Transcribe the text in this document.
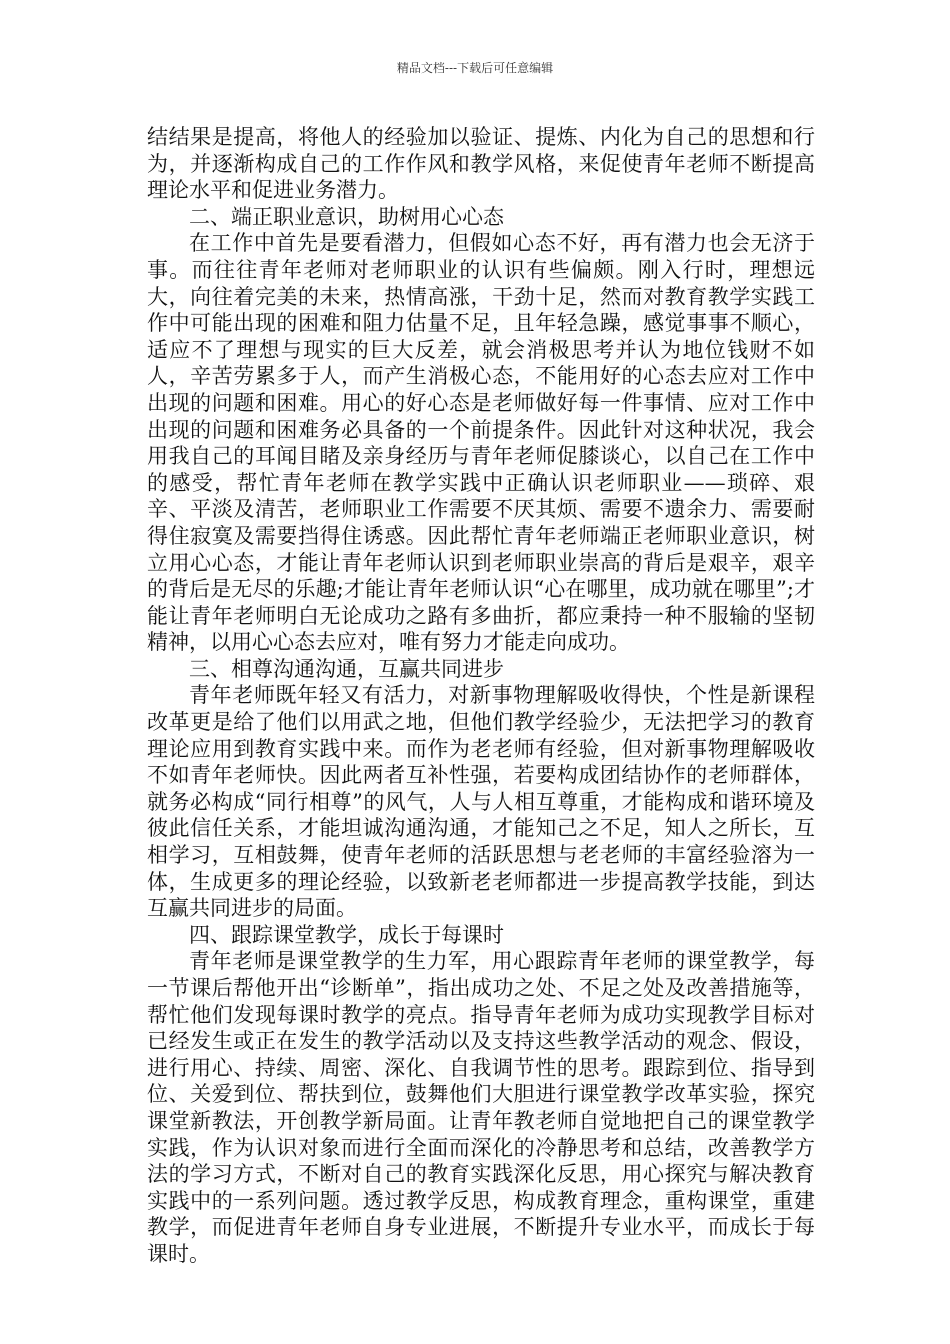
精品文档---下载后可任意编辑

结结果是提高，将他人的经验加以验证、提炼、内化为自己的思想和行为，并逐渐构成自己的工作作风和教学风格，来促使青年老师不断提高理论水平和促进业务潜力。

二、端正职业意识，助树用心心态

在工作中首先是要看潜力，但假如心态不好，再有潜力也会无济于事。而往往青年老师对老师职业的认识有些偏颇。刚入行时，理想远大，向往着完美的未来，热情高涨，干劲十足，然而对教育教学实践工作中可能出现的困难和阻力估量不足，且年轻急躁，感觉事事不顺心，适应不了理想与现实的巨大反差，就会消极思考并认为地位钱财不如人，辛苦劳累多于人，而产生消极心态，不能用好的心态去应对工作中出现的问题和困难。用心的好心态是老师做好每一件事情、应对工作中出现的问题和困难务必具备的一个前提条件。因此针对这种状况，我会用我自己的耳闻目睹及亲身经历与青年老师促膝谈心，以自己在工作中的感受，帮忙青年老师在教学实践中正确认识老师职业——琐碎、艰辛、平淡及清苦，老师职业工作需要不厌其烦、需要不遗余力、需要耐得住寂寞及需要挡得住诱惑。因此帮忙青年老师端正老师职业意识，树立用心心态，才能让青年老师认识到老师职业崇高的背后是艰辛，艰辛的背后是无尽的乐趣;才能让青年老师认识“心在哪里，成功就在哪里”;才能让青年老师明白无论成功之路有多曲折，都应秉持一种不服输的坚韧精神，以用心心态去应对，唯有努力才能走向成功。

三、相尊沟通沟通，互赢共同进步

青年老师既年轻又有活力，对新事物理解吸收得快，个性是新课程改革更是给了他们以用武之地，但他们教学经验少，无法把学习的教育理论应用到教育实践中来。而作为老老师有经验，但对新事物理解吸收不如青年老师快。因此两者互补性强，若要构成团结协作的老师群体，就务必构成“同行相尊”的风气，人与人相互尊重，才能构成和谐环境及彼此信任关系，才能坦诚沟通沟通，才能知己之不足，知人之所长，互相学习，互相鼓舞，使青年老师的活跃思想与老老师的丰富经验溶为一体，生成更多的理论经验，以致新老老师都进一步提高教学技能，到达互赢共同进步的局面。

四、跟踪课堂教学，成长于每课时

青年老师是课堂教学的生力军，用心跟踪青年老师的课堂教学，每一节课后帮他开出“诊断单”，指出成功之处、不足之处及改善措施等，帮忙他们发现每课时教学的亮点。指导青年老师为成功实现教学目标对已经发生或正在发生的教学活动以及支持这些教学活动的观念、假设，进行用心、持续、周密、深化、自我调节性的思考。跟踪到位、指导到位、关爱到位、帮扶到位，鼓舞他们大胆进行课堂教学改革实验，探究课堂新教法，开创教学新局面。让青年教老师自觉地把自己的课堂教学实践，作为认识对象而进行全面而深化的冷静思考和总结，改善教学方法的学习方式，不断对自己的教育实践深化反思，用心探究与解决教育实践中的一系列问题。透过教学反思，构成教育理念，重构课堂，重建教学，而促进青年老师自身专业进展，不断提升专业水平，而成长于每课时。
